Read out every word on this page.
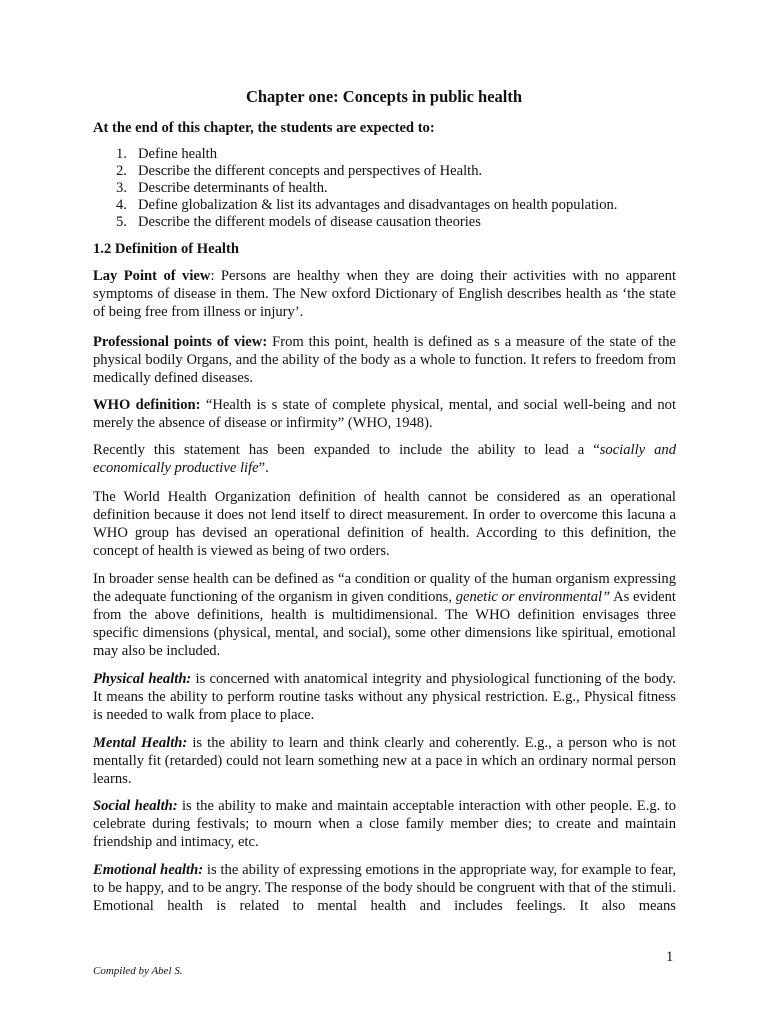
Chapter one: Concepts in public health
At the end of this chapter, the students are expected to:
1. Define health
2. Describe the different concepts and perspectives of Health.
3. Describe determinants of health.
4. Define globalization & list its advantages and disadvantages on health population.
5. Describe the different models of disease causation theories
1.2 Definition of Health

Lay Point of view: Persons are healthy when they are doing their activities with no apparent symptoms of disease in them. The New oxford Dictionary of English describes health as ‘the state of being free from illness or injury’.

Professional points of view: From this point, health is defined as s a measure of the state of the physical bodily Organs, and the ability of the body as a whole to function. It refers to freedom from medically defined diseases.

WHO definition: “Health is s state of complete physical, mental, and social well-being and not merely the absence of disease or infirmity” (WHO, 1948).

Recently this statement has been expanded to include the ability to lead a “socially and economically productive life”.

The World Health Organization definition of health cannot be considered as an operational definition because it does not lend itself to direct measurement. In order to overcome this lacuna a WHO group has devised an operational definition of health. According to this definition, the concept of health is viewed as being of two orders.

In broader sense health can be defined as “a condition or quality of the human organism expressing the adequate functioning of the organism in given conditions, genetic or environmental” As evident from the above definitions, health is multidimensional. The WHO definition envisages three specific dimensions (physical, mental, and social), some other dimensions like spiritual, emotional may also be included.

Physical health: is concerned with anatomical integrity and physiological functioning of the body. It means the ability to perform routine tasks without any physical restriction. E.g., Physical fitness is needed to walk from place to place.

Mental Health: is the ability to learn and think clearly and coherently. E.g., a person who is not mentally fit (retarded) could not learn something new at a pace in which an ordinary normal person learns.

Social health: is the ability to make and maintain acceptable interaction with other people. E.g. to celebrate during festivals; to mourn when a close family member dies; to create and maintain friendship and intimacy, etc.

Emotional health: is the ability of expressing emotions in the appropriate way, for example to fear, to be happy, and to be angry. The response of the body should be congruent with that of the stimuli. Emotional health is related to mental health and includes feelings. It also means

1
Compiled by Abel S.
